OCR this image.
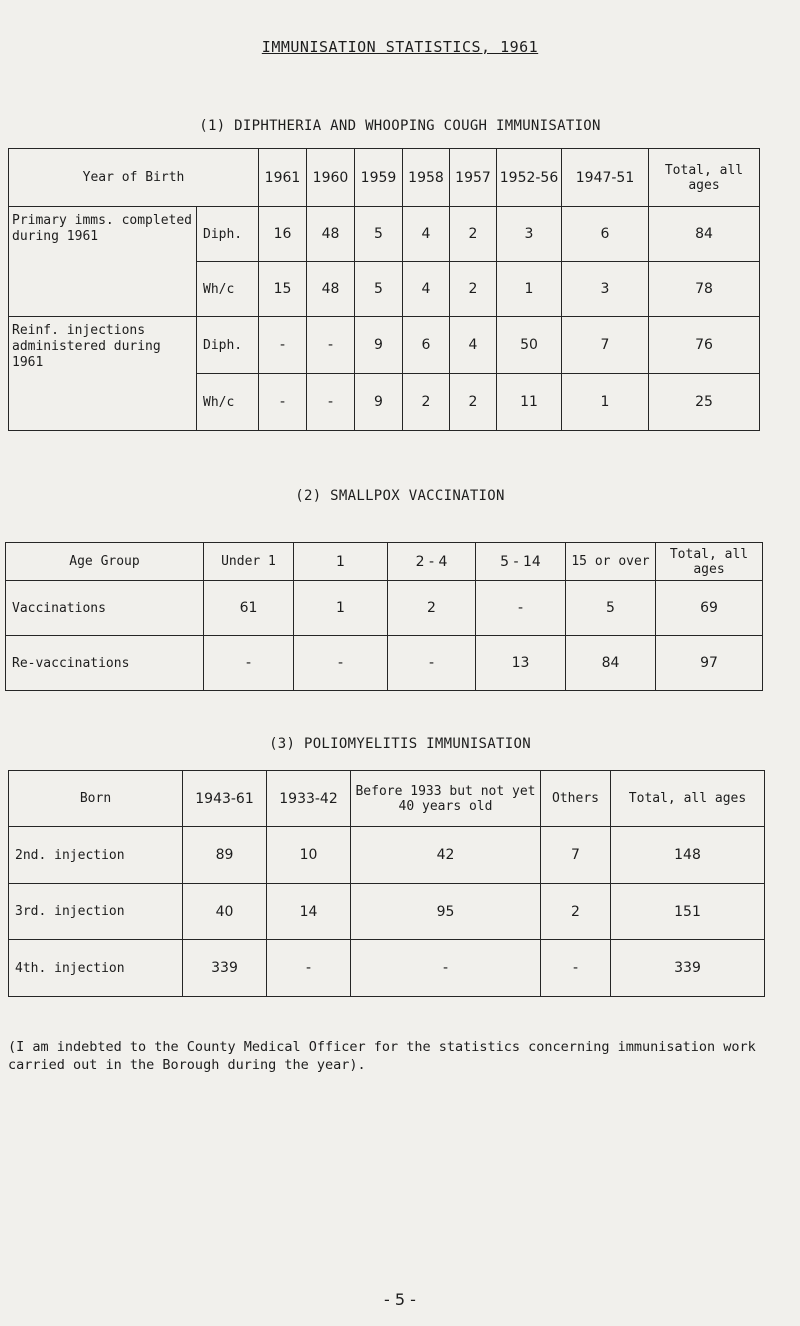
IMMUNISATION STATISTICS, 1961
(1) DIPHTHERIA AND WHOOPING COUGH IMMUNISATION
Year of Birth		1961	1960	1959	1958	1957	1952-56	1947-51	Total, all ages
Primary imms. completed during 1961	Diph.	16	48	5	4	2	3	6	84
	Wh/c	15	48	5	4	2	1	3	78
Reinf. injections administered during 1961	Diph.	-	-	9	6	4	50	7	76
	Wh/c	-	-	9	2	2	11	1	25
(2) SMALLPOX VACCINATION
Age Group	Under 1	1	2 - 4	5 - 14	15 or over	Total, all ages
Vaccinations	61	1	2	-	5	69
Re-vaccinations	-	-	-	13	84	97
(3) POLIOMYELITIS IMMUNISATION
Born	1943-61	1933-42	Before 1933 but not yet 40 years old	Others	Total, all ages
2nd. injection	89	10	42	7	148
3rd. injection	40	14	95	2	151
4th. injection	339	-	-	-	339
(I am indebted to the County Medical Officer for the statistics concerning immunisation work carried out in the Borough during the year).
- 5 -
